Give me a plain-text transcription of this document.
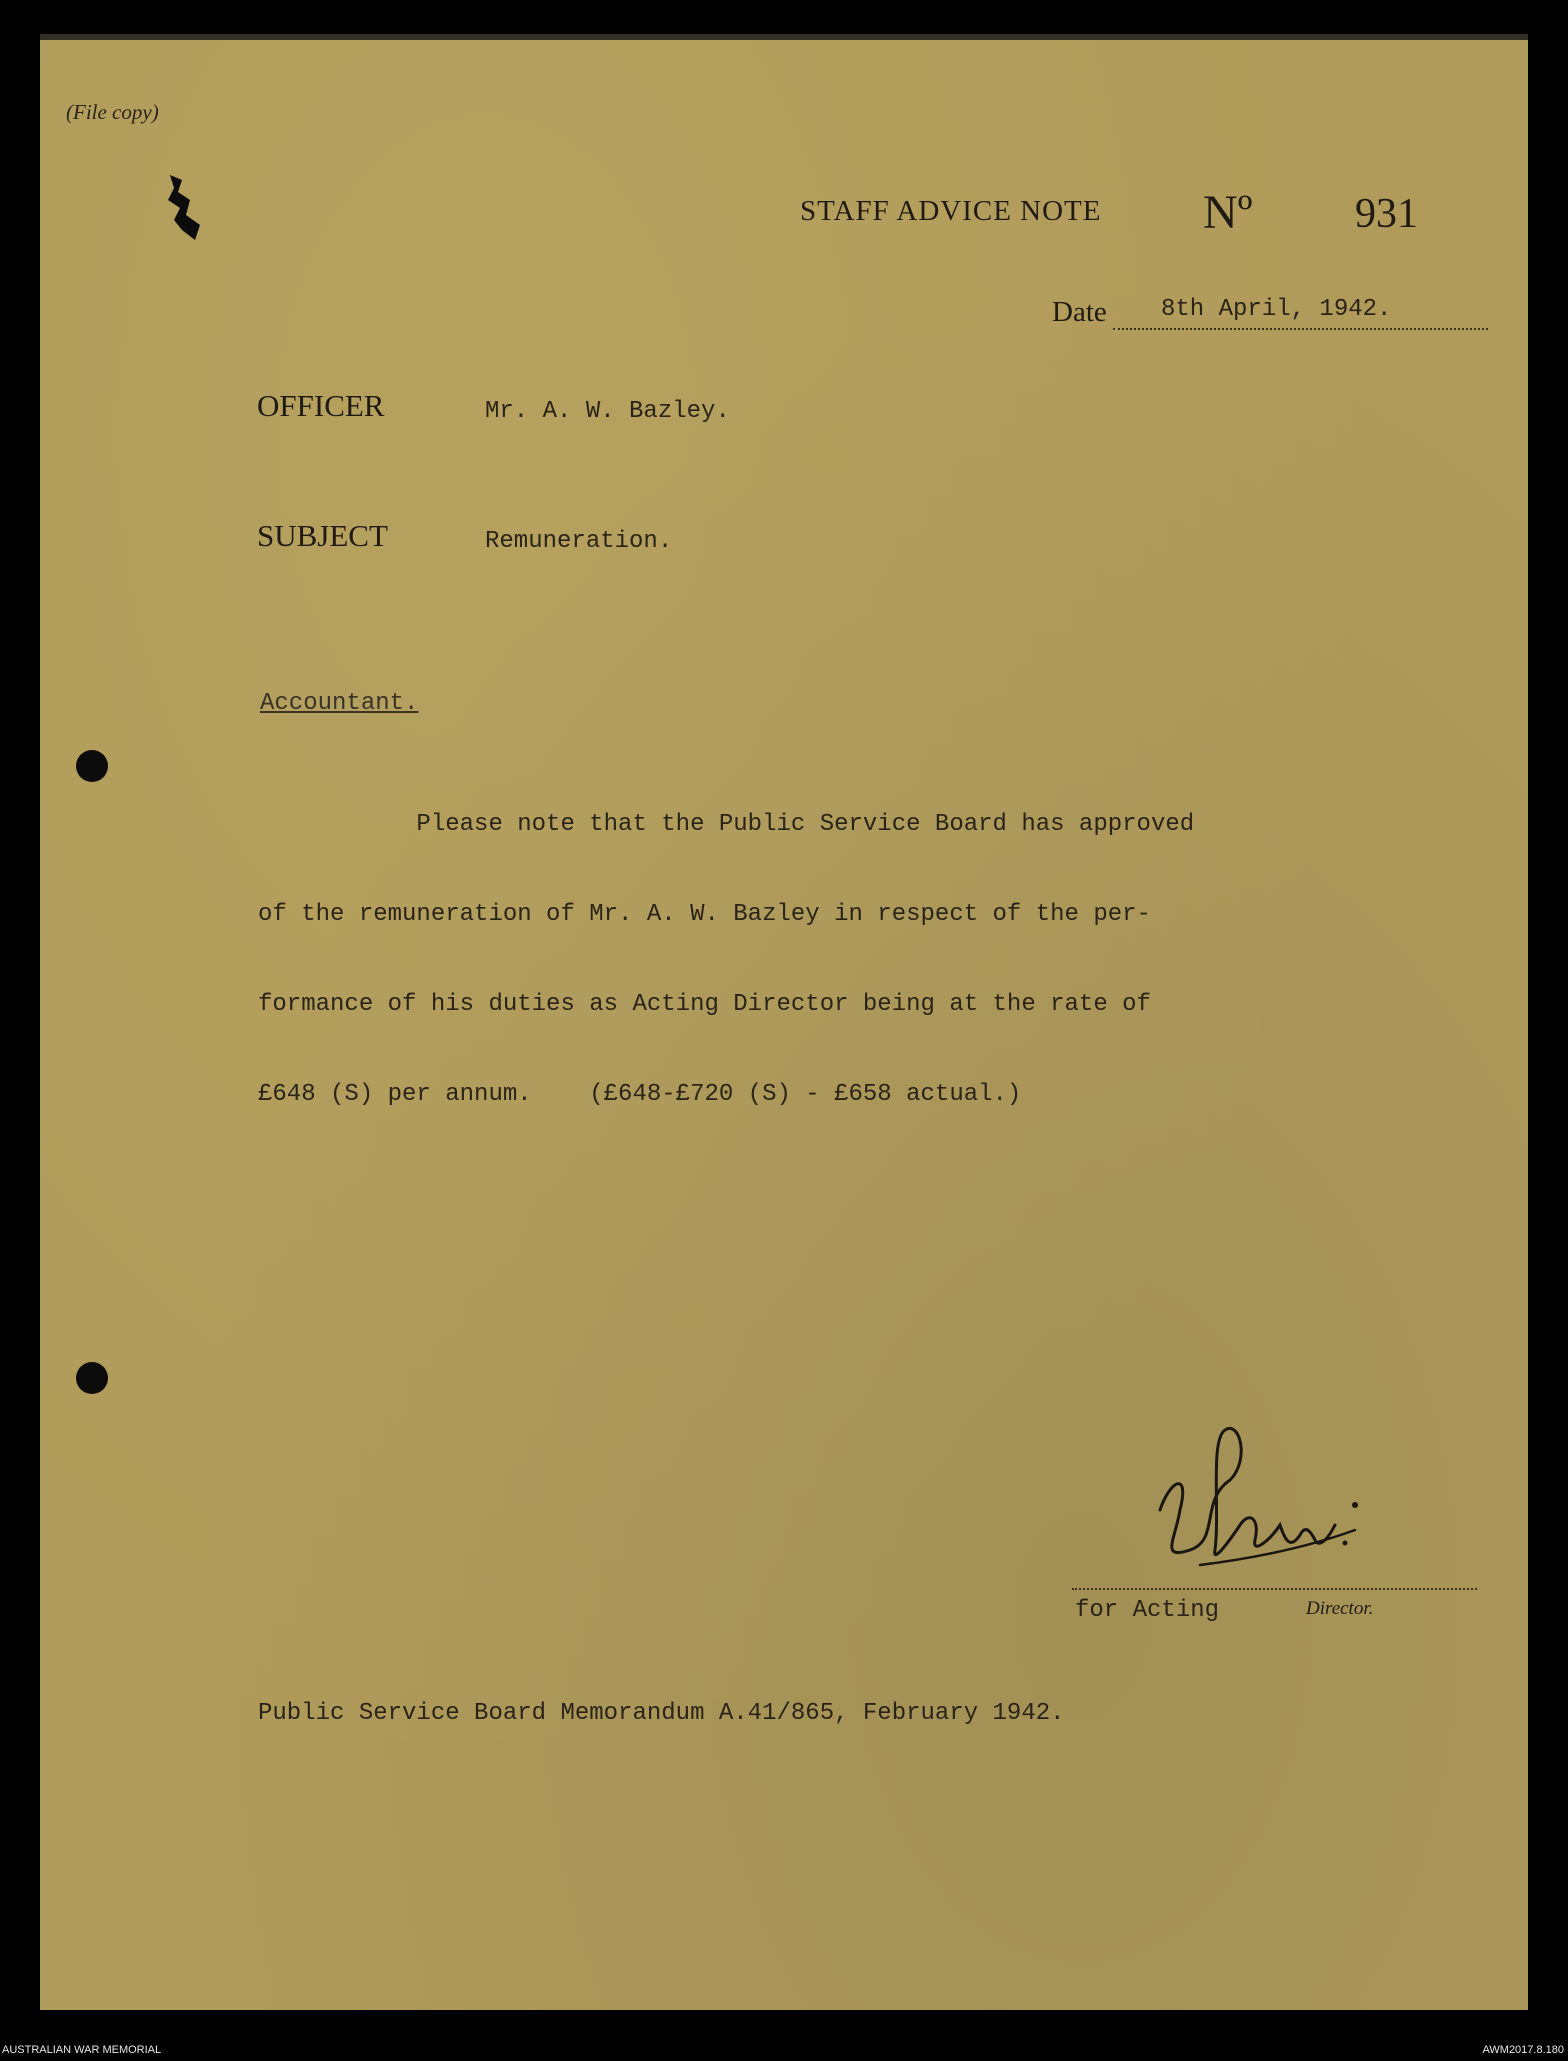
(File copy)
STAFF ADVICE NOTE Nº 931
Date	8th April, 1942.
OFFICER	Mr. A. W. Bazley.
SUBJECT	Remuneration.
Accountant.

Please note that the Public Service Board has approved

of the remuneration of Mr. A. W. Bazley in respect of the per-

formance of his duties as Acting Director being at the rate of

£648 (S) per annum.    (£648-£720 (S) - £658 actual.)

for Acting	Director.
Public Service Board Memorandum A.41/865, February 1942.
AUSTRALIAN WAR MEMORIAL	AWM2017.8.180
